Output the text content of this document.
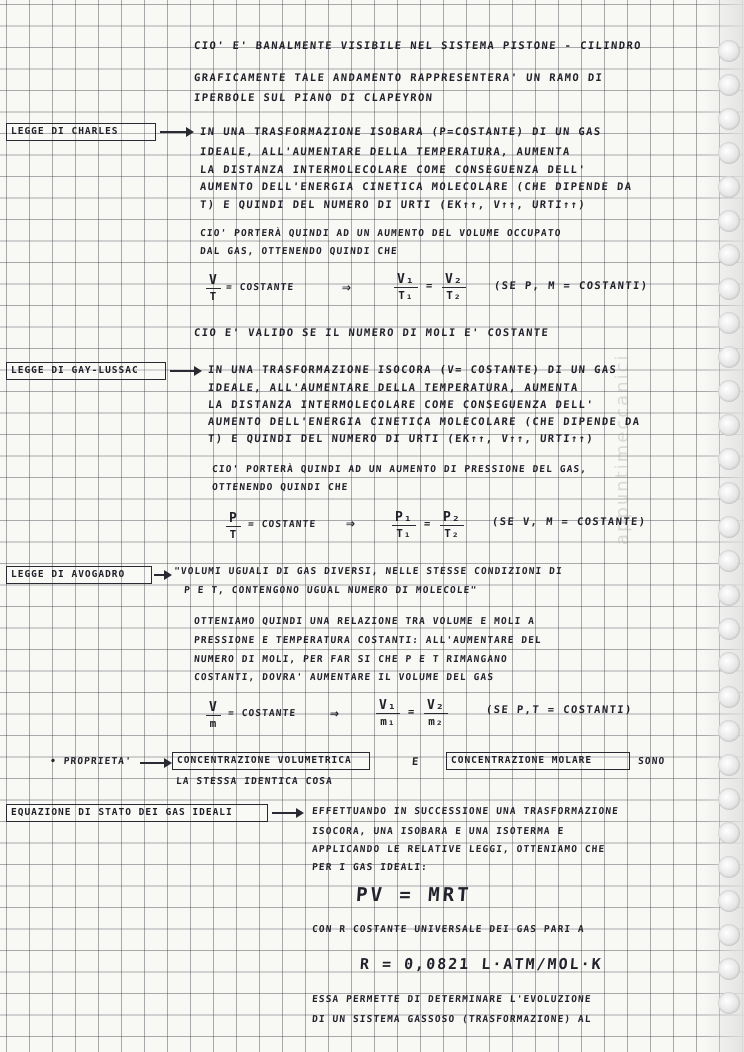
appuntimeccanici
CIO' E' BANALMENTE VISIBILE NEL SISTEMA PISTONE - CILINDRO
GRAFICAMENTE TALE ANDAMENTO RAPPRESENTERA' UN RAMO DI
IPERBOLE SUL PIANO DI CLAPEYRON
LEGGE DI CHARLES	IN UNA TRASFORMAZIONE ISOBARA (P=COSTANTE) DI UN GAS
IDEALE, ALL'AUMENTARE DELLA TEMPERATURA, AUMENTA
LA DISTANZA INTERMOLECOLARE COME CONSEGUENZA DELL'
AUMENTO DELL'ENERGIA CINETICA MOLECOLARE (CHE DIPENDE DA
T) E QUINDI DEL NUMERO DI URTI (EK↑↑, V↑↑, URTI↑↑)
CIO' PORTERÀ QUINDI AD UN AUMENTO DEL VOLUME OCCUPATO
DAL GAS, OTTENENDO QUINDI CHE
V
T
= COSTANTE	⇒	V₁
T₁
= V₂
T₂
(SE P, M = COSTANTI)
CIO E' VALIDO SE IL NUMERO DI MOLI E' COSTANTE
LEGGE DI GAY-LUSSAC	IN UNA TRASFORMAZIONE ISOCORA (V= COSTANTE) DI UN GAS
IDEALE, ALL'AUMENTARE DELLA TEMPERATURA, AUMENTA
LA DISTANZA INTERMOLECOLARE COME CONSEGUENZA DELL'
AUMENTO DELL'ENERGIA CINETICA MOLECOLARE (CHE DIPENDE DA
T) E QUINDI DEL NUMERO DI URTI (EK↑↑, V↑↑, URTI↑↑)
CIO' PORTERÀ QUINDI AD UN AUMENTO DI PRESSIONE DEL GAS,
OTTENENDO QUINDI CHE
P
T
= COSTANTE ⇒	P₁
T₁
= P₂
T₂
(SE V, M = COSTANTE)
LEGGE DI AVOGADRO	"VOLUMI UGUALI DI GAS DIVERSI, NELLE STESSE CONDIZIONI DI
P E T, CONTENGONO UGUAL NUMERO DI MOLECOLE"
OTTENIAMO QUINDI UNA RELAZIONE TRA VOLUME E MOLI A
PRESSIONE E TEMPERATURA COSTANTI: ALL'AUMENTARE DEL
NUMERO DI MOLI, PER FAR SI CHE P E T RIMANGANO
COSTANTI, DOVRA' AUMENTARE IL VOLUME DEL GAS
V
m
= COSTANTE ⇒	V₁
m₁
= V₂
m₂
(SE P,T = COSTANTI)
• PROPRIETA'	CONCENTRAZIONE VOLUMETRICA	E	CONCENTRAZIONE MOLARE	SONO
LA STESSA IDENTICA COSA
EQUAZIONE DI STATO DEI GAS IDEALI	EFFETTUANDO IN SUCCESSIONE UNA TRASFORMAZIONE
ISOCORA, UNA ISOBARA E UNA ISOTERMA E
APPLICANDO LE RELATIVE LEGGI, OTTENIAMO CHE
PER I GAS IDEALI:
PV = MRT
CON R COSTANTE UNIVERSALE DEI GAS PARI A
R = 0,0821 L·ATM/MOL·K
ESSA PERMETTE DI DETERMINARE L'EVOLUZIONE
DI UN SISTEMA GASSOSO (TRASFORMAZIONE) AL
